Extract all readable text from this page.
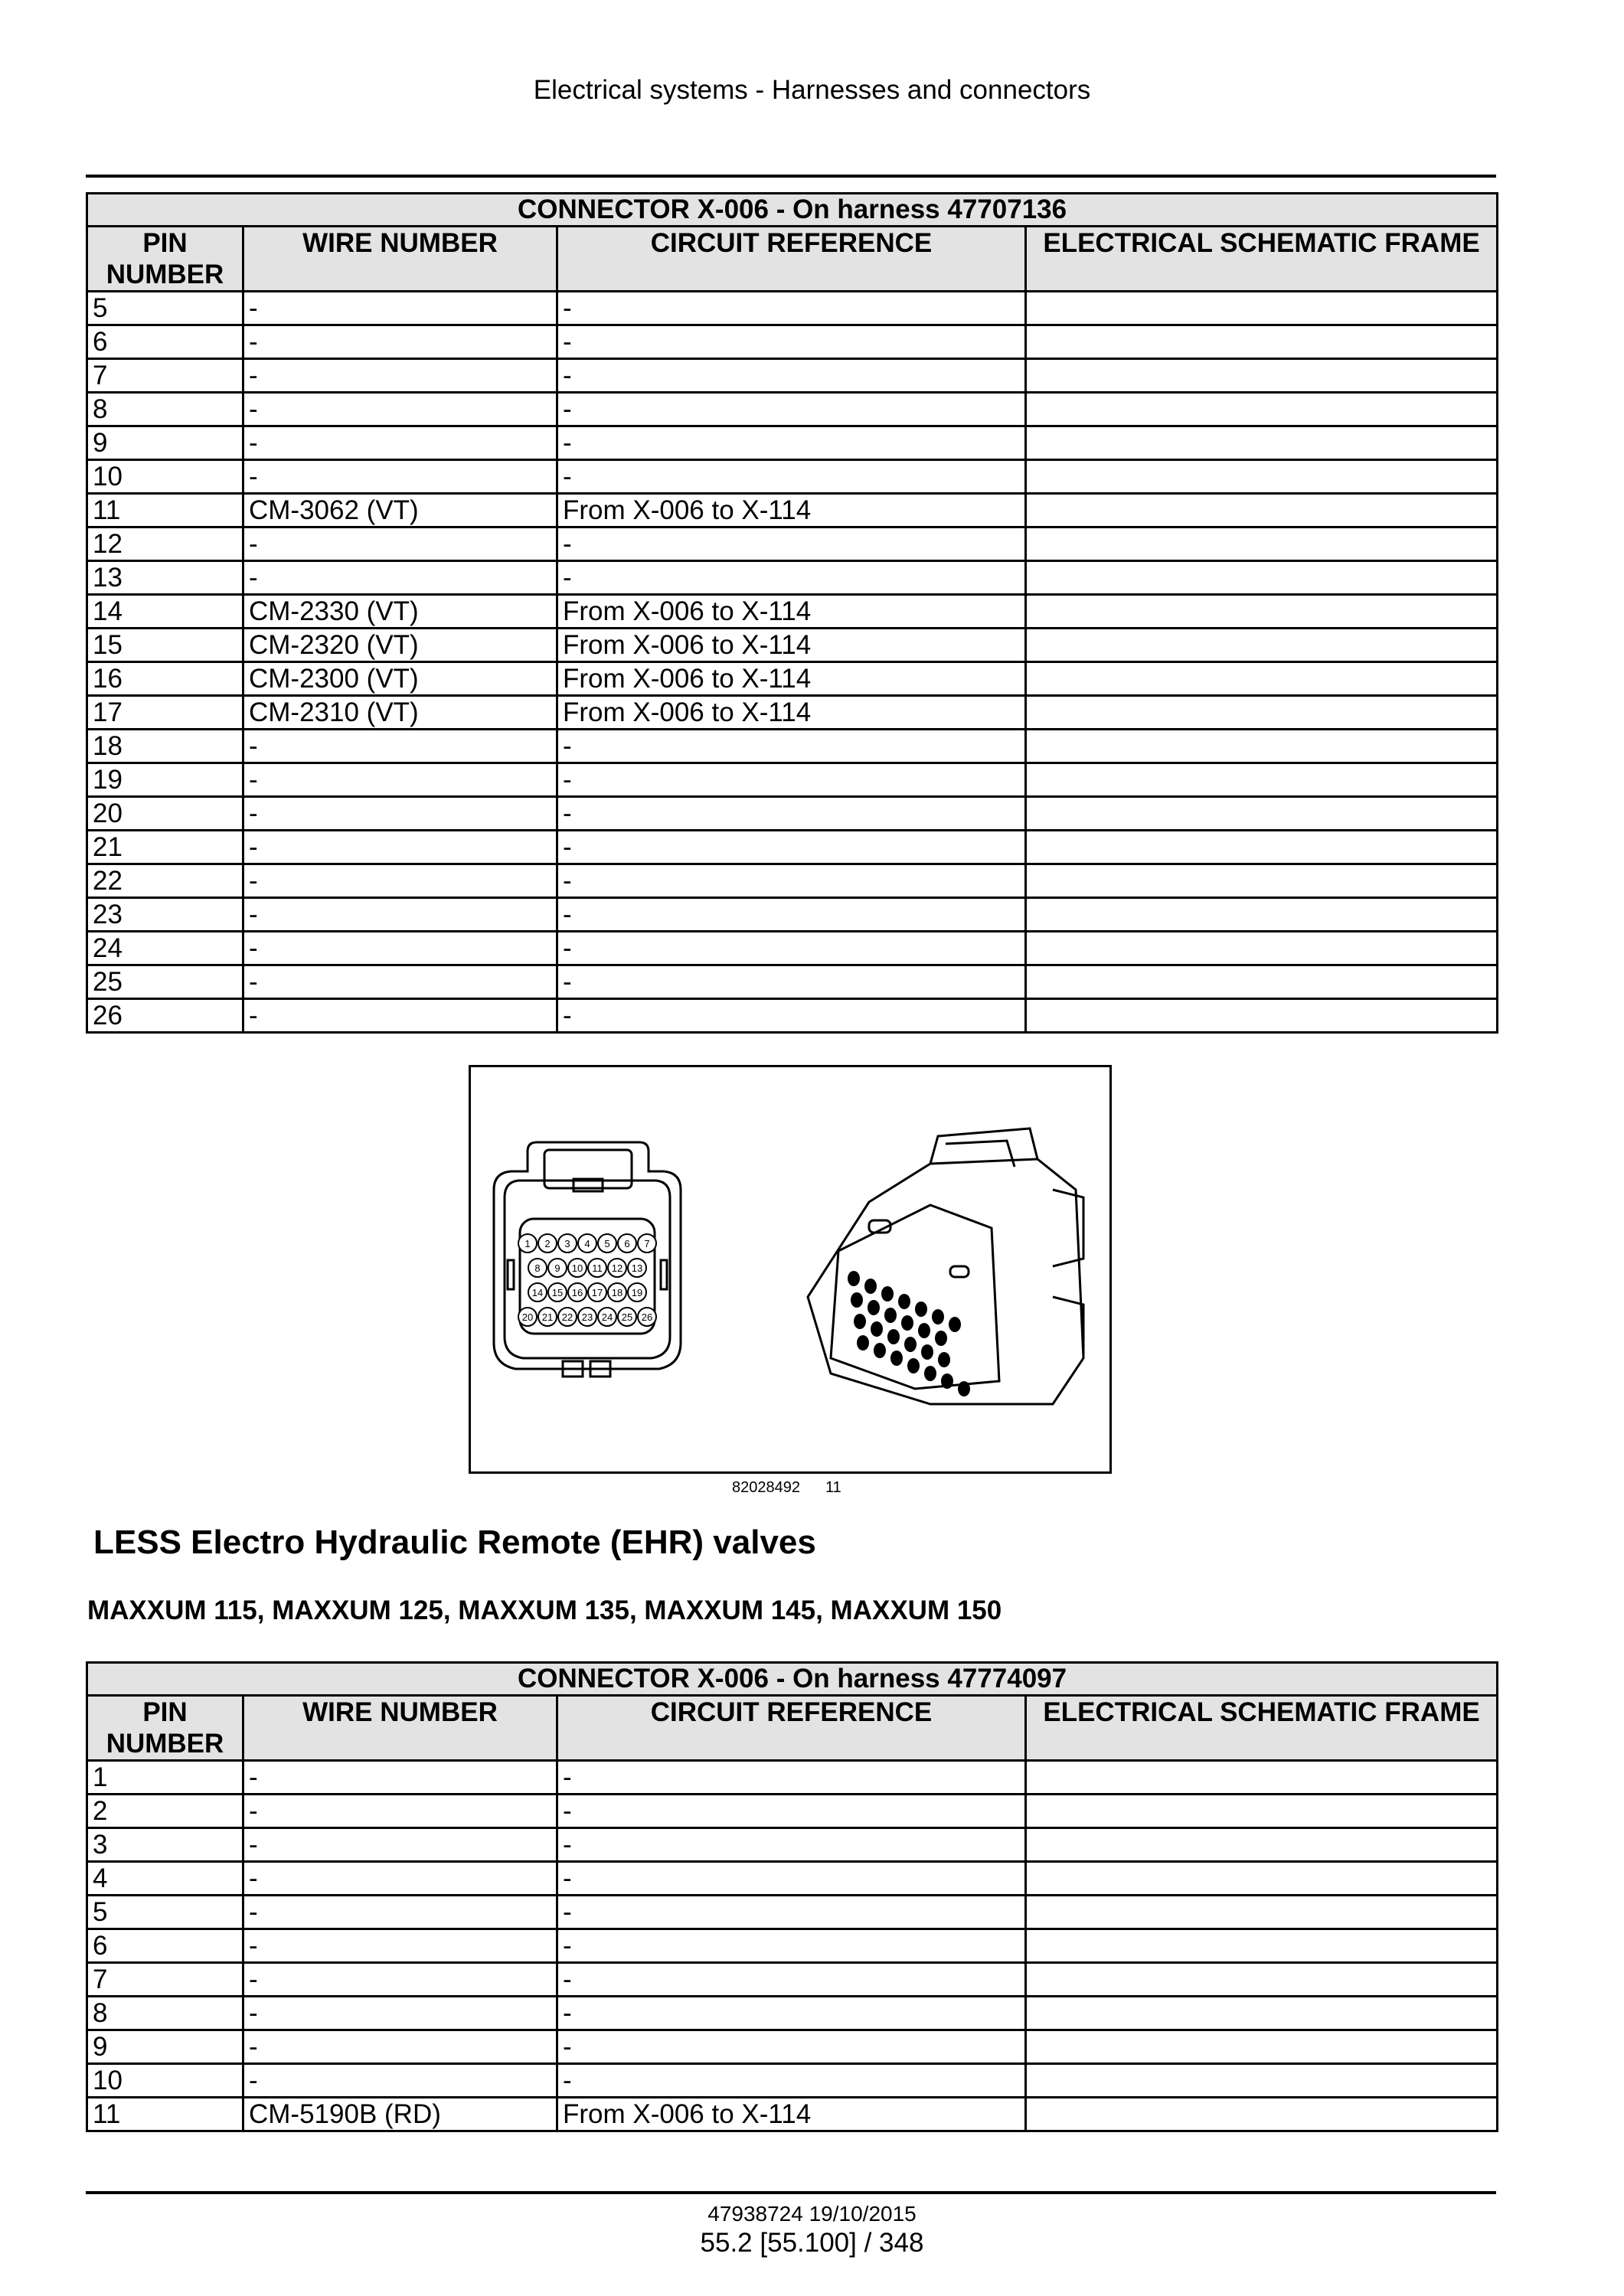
Electrical systems - Harnesses and connectors
CONNECTOR X-006 - On harness 47707136			
PIN NUMBER	WIRE NUMBER	CIRCUIT REFERENCE	ELECTRICAL SCHEMATIC FRAME
5	-	-	
6	-	-	
7	-	-	
8	-	-	
9	-	-	
10	-	-	
11	CM-3062 (VT)	From X-006 to X-114	
12	-	-	
13	-	-	
14	CM-2330 (VT)	From X-006 to X-114	
15	CM-2320 (VT)	From X-006 to X-114	
16	CM-2300 (VT)	From X-006 to X-114	
17	CM-2310 (VT)	From X-006 to X-114	
18	-	-	
19	-	-	
20	-	-	
21	-	-	
22	-	-	
23	-	-	
24	-	-	
25	-	-	
26	-	-	
1 2 3 4 5 6 7
8 9 10 11 12 13
14 15 16 17 18 19
20 21 22 23 24 25 26
82028492 11
LESS Electro Hydraulic Remote (EHR) valves
MAXXUM 115, MAXXUM 125, MAXXUM 135, MAXXUM 145, MAXXUM 150
CONNECTOR X-006 - On harness 47774097			
PIN NUMBER	WIRE NUMBER	CIRCUIT REFERENCE	ELECTRICAL SCHEMATIC FRAME
1	-	-	
2	-	-	
3	-	-	
4	-	-	
5	-	-	
6	-	-	
7	-	-	
8	-	-	
9	-	-	
10	-	-	
11	CM-5190B (RD)	From X-006 to X-114	
47938724 19/10/2015
55.2 [55.100] / 348
